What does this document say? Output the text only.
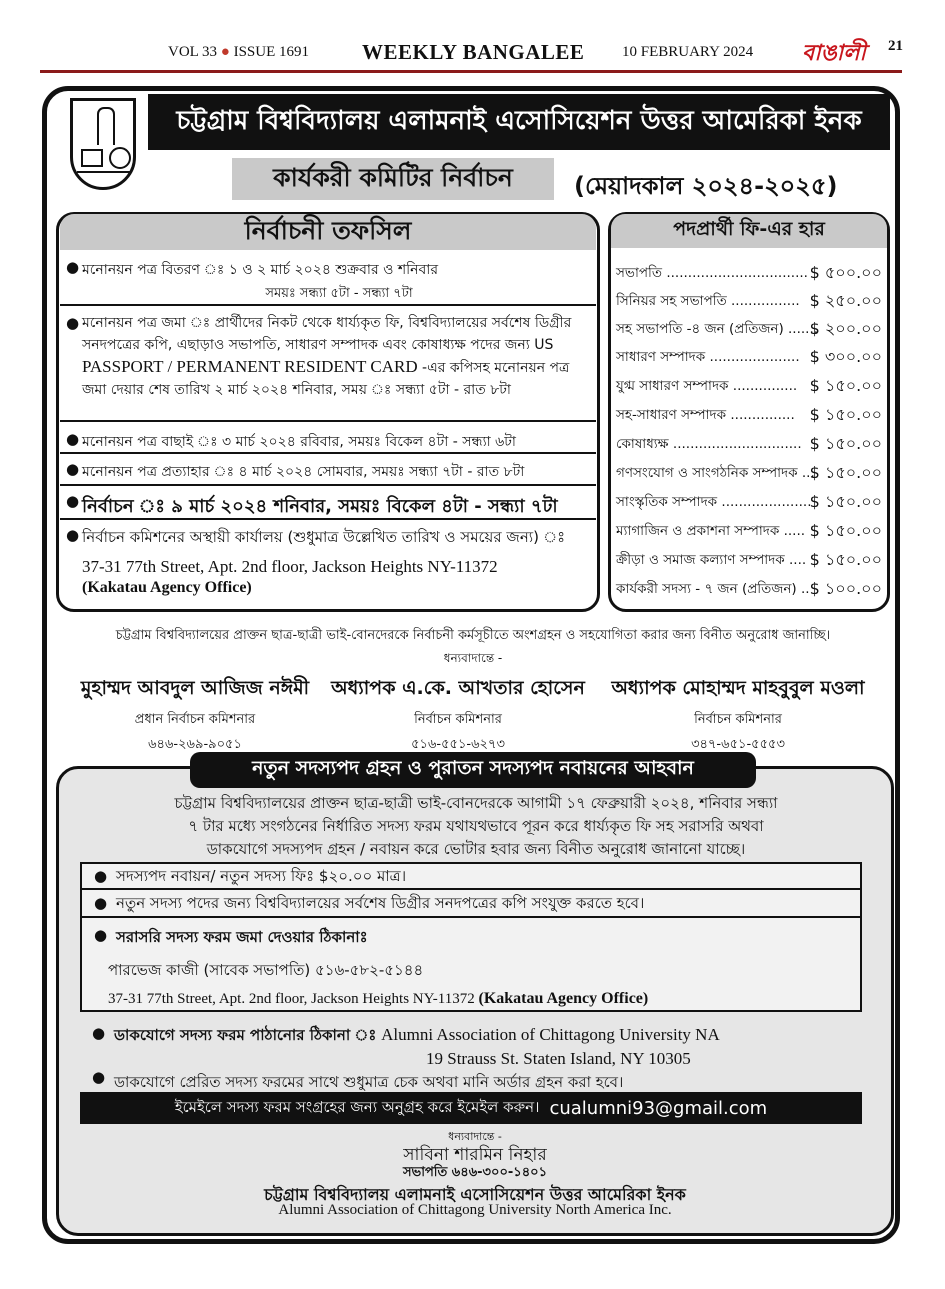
VOL 33 ● ISSUE 1691	WEEKLY BANGALEE	10 FEBRUARY 2024 বাঙালী	21
চট্টগ্রাম বিশ্ববিদ্যালয় এলামনাই এসোসিয়েশন উত্তর আমেরিকা ইনক
কার্যকরী কমিটির নির্বাচন	(মেয়াদকাল ২০২৪-২০২৫)
নির্বাচনী তফসিল
● মনোনয়ন পত্র বিতরণ ঃ ১ ও ২ মার্চ ২০২৪ শুক্রবার ও শনিবার
সময়ঃ সন্ধ্যা ৫টা - সন্ধ্যা ৭টা
● মনোনয়ন পত্র জমা ঃ প্রার্থীদের নিকট থেকে ধার্য্যকৃত ফি, বিশ্ববিদ্যালয়ের সর্বশেষ ডিগ্রীর
সনদপত্রের কপি, এছাড়াও সভাপতি, সাধারণ সম্পাদক এবং কোষাধ্যক্ষ পদের জন্য US
PASSPORT / PERMANENT RESIDENT CARD -এর কপিসহ মনোনয়ন পত্র
জমা দেয়ার শেষ তারিখ ২ মার্চ ২০২৪ শনিবার, সময় ঃ সন্ধ্যা ৫টা - রাত ৮টা
● মনোনয়ন পত্র বাছাই ঃ ৩ মার্চ ২০২৪ রবিবার, সময়ঃ বিকেল ৪টা - সন্ধ্যা ৬টা
● মনোনয়ন পত্র প্রত্যাহার ঃ ৪ মার্চ ২০২৪ সোমবার, সময়ঃ সন্ধ্যা ৭টা - রাত ৮টা
● নির্বাচন ঃ ৯ মার্চ ২০২৪ শনিবার, সময়ঃ বিকেল ৪টা - সন্ধ্যা ৭টা
● নির্বাচন কমিশনের অস্থায়ী কার্যালয় (শুধুমাত্র উল্লেখিত তারিখ ও সময়ের জন্য) ঃ
37-31 77th Street, Apt. 2nd floor, Jackson Heights NY-11372
(Kakatau Agency Office)
পদপ্রার্থী ফি-এর হার
সভাপতি ................................. $ ৫০০.০০
সিনিয়র সহ সভাপতি ................ $ ২৫০.০০
সহ সভাপতি -৪ জন (প্রতিজন) .......
$ ২০০.০০
সাধারণ সম্পাদক ..................... $ ৩০০.০০
যুগ্ম সাধারণ সম্পাদক ............... $ ১৫০.০০
সহ-সাধারণ সম্পাদক ............... $ ১৫০.০০
কোষাধ্যক্ষ .............................. $ ১৫০.০০
গণসংযোগ ও সাংগঠনিক সম্পাদক ...
$ ১৫০.০০
সাংস্কৃতিক সম্পাদক .....................
$ ১৫০.০০
ম্যাগাজিন ও প্রকাশনা সম্পাদক ..... $ ১৫০.০০
ক্রীড়া ও সমাজ কল্যাণ সম্পাদক .... $ ১৫০.০০
কার্যকরী সদস্য - ৭ জন (প্রতিজন) .. $ ১০০.০০
চট্টগ্রাম বিশ্ববিদ্যালয়ের প্রাক্তন ছাত্র-ছাত্রী ভাই-বোনদেরকে নির্বাচনী কর্মসূচীতে অংশগ্রহন ও সহযোগিতা করার জন্য বিনীত অনুরোধ জানাচ্ছি।
ধন্যবাদান্তে -
মুহাম্মদ আবদুল আজিজ নঈমী
প্রধান নির্বাচন কমিশনার
৬৪৬-২৬৯-৯০৫১
অধ্যাপক এ.কে. আখতার হোসেন
নির্বাচন কমিশনার
৫১৬-৫৫১-৬২৭৩
অধ্যাপক মোহাম্মদ মাহবুবুল মওলা
নির্বাচন কমিশনার
৩৪৭-৬৫১-৫৫৫৩
নতুন সদস্যপদ গ্রহন ও পুরাতন সদস্যপদ নবায়নের আহবান
চট্টগ্রাম বিশ্ববিদ্যালয়ের প্রাক্তন ছাত্র-ছাত্রী ভাই-বোনদেরকে আগামী ১৭ ফেব্রুয়ারী ২০২৪, শনিবার সন্ধ্যা
৭ টার মধ্যে সংগঠনের নির্ধারিত সদস্য ফরম যথাযথভাবে পূরন করে ধার্য্যকৃত ফি সহ সরাসরি অথবা
ডাকযোগে সদস্যপদ গ্রহন / নবায়ন করে ভোটার হবার জন্য বিনীত অনুরোধ জানানো যাচ্ছে।
● সদস্যপদ নবায়ন/ নতুন সদস্য ফিঃ $২০.০০ মাত্র।
● নতুন সদস্য পদের জন্য বিশ্ববিদ্যালয়ের সর্বশেষ ডিগ্রীর সনদপত্রের কপি সংযুক্ত করতে হবে।
● সরাসরি সদস্য ফরম জমা দেওয়ার ঠিকানাঃ
পারভেজ কাজী (সাবেক সভাপতি) ৫১৬-৫৮২-৫১৪৪
37-31 77th Street, Apt. 2nd floor, Jackson Heights NY-11372 (Kakatau Agency Office)
● ডাকযোগে সদস্য ফরম পাঠানোর ঠিকানা ঃ Alumni Association of Chittagong University NA
19 Strauss St. Staten Island, NY 10305
ডাকযোগে প্রেরিত সদস্য ফরমের সাথে শুধুমাত্র চেক অথবা মানি অর্ডার গ্রহন করা হবে।
●
ইমেইলে সদস্য ফরম সংগ্রহের জন্য অনুগ্রহ করে ইমেইল করুন। cualumni93@gmail.com
ধন্যবাদান্তে -
সাবিনা শারমিন নিহার
সভাপতি ৬৪৬-৩০০-১৪০১
চট্টগ্রাম বিশ্ববিদ্যালয় এলামনাই এসোসিয়েশন উত্তর আমেরিকা ইনক
Alumni Association of Chittagong University North America Inc.
